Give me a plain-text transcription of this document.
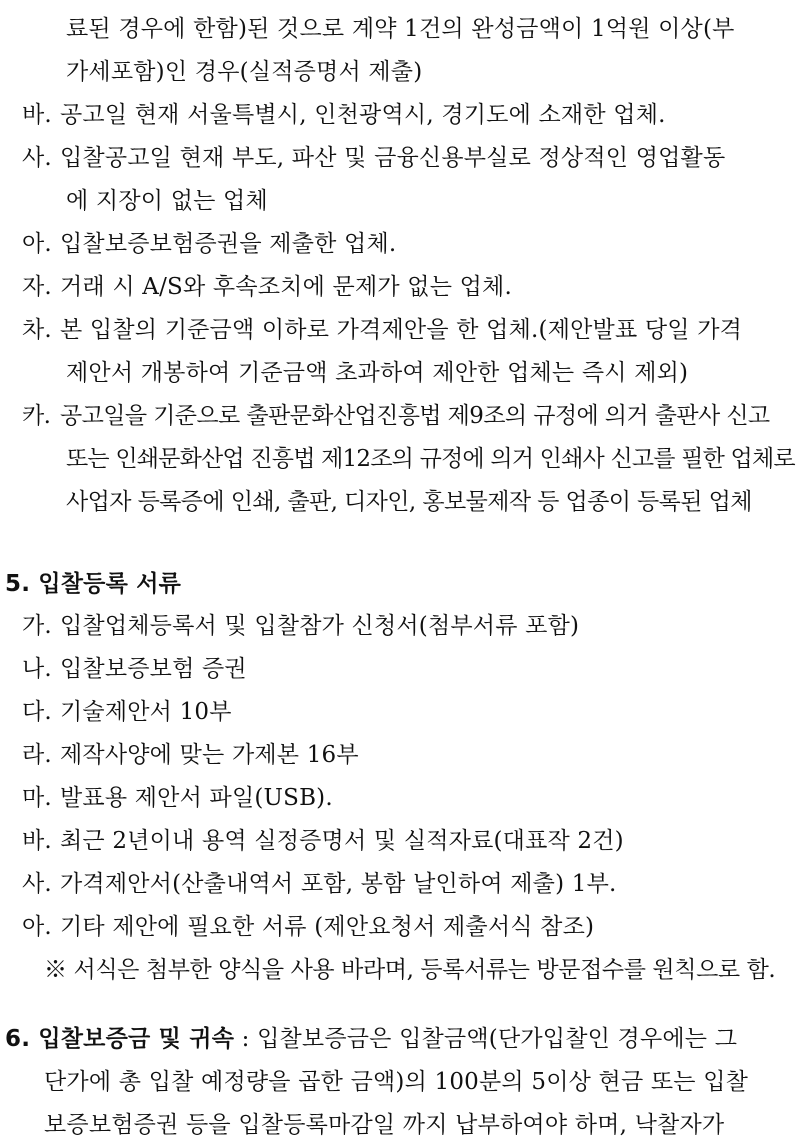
료된 경우에 한함)된 것으로 계약 1건의 완성금액이 1억원 이상(부
가세포함)인 경우(실적증명서 제출)
바. 공고일 현재 서울특별시, 인천광역시, 경기도에 소재한 업체.
사. 입찰공고일 현재 부도, 파산 및 금융신용부실로 정상적인 영업활동
에 지장이 없는 업체
아. 입찰보증보험증권을 제출한 업체.
자. 거래 시 A/S와 후속조치에 문제가 없는 업체.
차. 본 입찰의 기준금액 이하로 가격제안을 한 업체.(제안발표 당일 가격
제안서 개봉하여 기준금액 초과하여 제안한 업체는 즉시 제외)
카. 공고일을 기준으로 출판문화산업진흥법 제9조의 규정에 의거 출판사 신고
또는 인쇄문화산업 진흥법 제12조의 규정에 의거 인쇄사 신고를 필한 업체로
사업자 등록증에 인쇄, 출판, 디자인, 홍보물제작 등 업종이 등록된 업체
5. 입찰등록 서류
가. 입찰업체등록서 및 입찰참가 신청서(첨부서류 포함)
나. 입찰보증보험 증권
다. 기술제안서 10부
라. 제작사양에 맞는 가제본 16부
마. 발표용 제안서 파일(USB).
바. 최근 2년이내 용역 실정증명서 및 실적자료(대표작 2건)
사. 가격제안서(산출내역서 포함, 봉함 날인하여 제출) 1부.
아. 기타 제안에 필요한 서류 (제안요청서 제출서식 참조)
※ 서식은 첨부한 양식을 사용 바라며, 등록서류는 방문접수를 원칙으로 함.
6. 입찰보증금 및 귀속 : 입찰보증금은 입찰금액(단가입찰인 경우에는 그
단가에 총 입찰 예정량을 곱한 금액)의 100분의 5이상 현금 또는 입찰
보증보험증권 등을 입찰등록마감일 까지 납부하여야 하며, 낙찰자가
